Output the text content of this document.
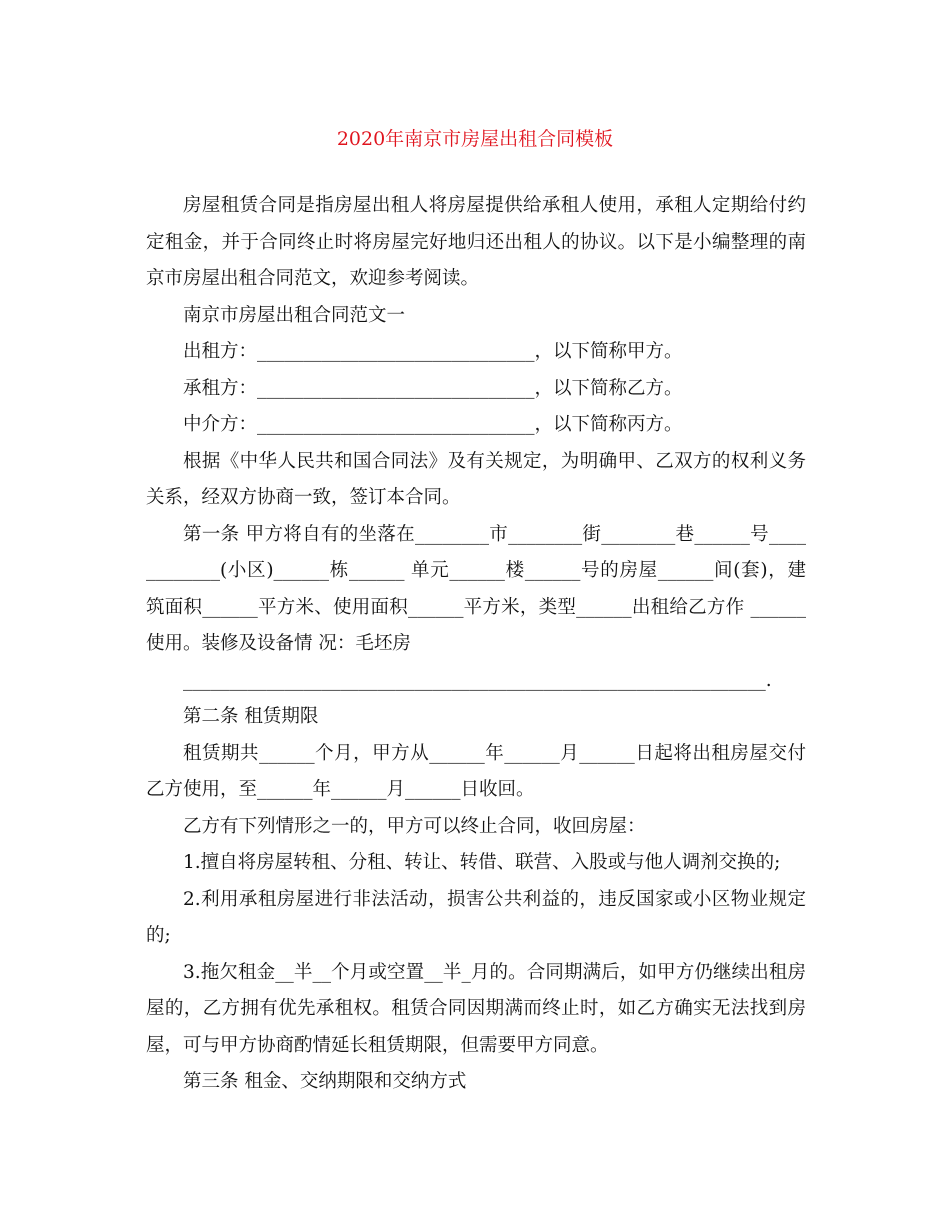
2020年南京市房屋出租合同模板

房屋租赁合同是指房屋出租人将房屋提供给承租人使用，承租人定期给付约定租金，并于合同终止时将房屋完好地归还出租人的协议。以下是小编整理的南京市房屋出租合同范文，欢迎参考阅读。

南京市房屋出租合同范文一

出租方：______________________________，以下简称甲方。

承租方：______________________________，以下简称乙方。

中介方：______________________________，以下简称丙方。

根据《中华人民共和国合同法》及有关规定，为明确甲、乙双方的权利义务关系，经双方协商一致，签订本合同。

第一条 甲方将自有的坐落在________市________街________巷______号____________(小区)______栋______ 单元______楼______号的房屋______间(套)，建筑面积______平方米、使用面积______平方米，类型______出租给乙方作 ______使用。装修及设备情 况：毛坯房

_______________________________________________________________.

第二条 租赁期限

租赁期共______个月，甲方从______年______月______日起将出租房屋交付乙方使用，至______年______月______日收回。

乙方有下列情形之一的，甲方可以终止合同，收回房屋：

1.擅自将房屋转租、分租、转让、转借、联营、入股或与他人调剂交换的;

2.利用承租房屋进行非法活动，损害公共利益的，违反国家或小区物业规定的;

3.拖欠租金__半__个月或空置__半_月的。合同期满后，如甲方仍继续出租房屋的，乙方拥有优先承租权。租赁合同因期满而终止时，如乙方确实无法找到房屋，可与甲方协商酌情延长租赁期限，但需要甲方同意。

第三条 租金、交纳期限和交纳方式
